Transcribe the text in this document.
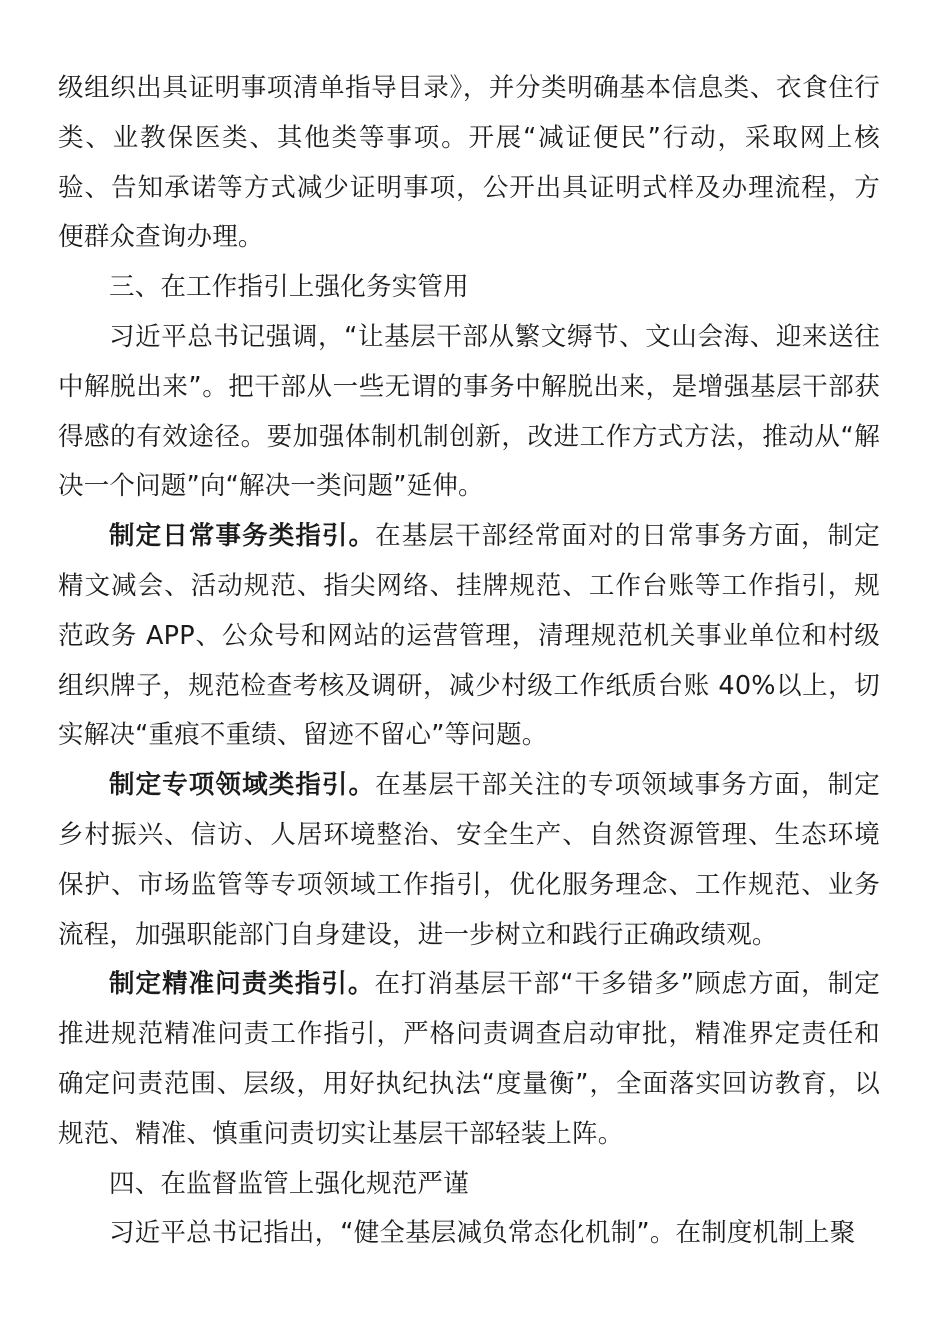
级组织出具证明事项清单指导目录》，并分类明确基本信息类、衣食住行类、业教保医类、其他类等事项。开展“减证便民”行动，采取网上核验、告知承诺等方式减少证明事项，公开出具证明式样及办理流程，方便群众查询办理。

三、在工作指引上强化务实管用

习近平总书记强调，“让基层干部从繁文缛节、文山会海、迎来送往中解脱出来”。把干部从一些无谓的事务中解脱出来，是增强基层干部获得感的有效途径。要加强体制机制创新，改进工作方式方法，推动从“解决一个问题”向“解决一类问题”延伸。

制定日常事务类指引。在基层干部经常面对的日常事务方面，制定精文减会、活动规范、指尖网络、挂牌规范、工作台账等工作指引，规范政务 APP、公众号和网站的运营管理，清理规范机关事业单位和村级组织牌子，规范检查考核及调研，减少村级工作纸质台账 40%以上，切实解决“重痕不重绩、留迹不留心”等问题。

制定专项领域类指引。在基层干部关注的专项领域事务方面，制定乡村振兴、信访、人居环境整治、安全生产、自然资源管理、生态环境保护、市场监管等专项领域工作指引，优化服务理念、工作规范、业务流程，加强职能部门自身建设，进一步树立和践行正确政绩观。

制定精准问责类指引。在打消基层干部“干多错多”顾虑方面，制定推进规范精准问责工作指引，严格问责调查启动审批，精准界定责任和确定问责范围、层级，用好执纪执法“度量衡”，全面落实回访教育，以规范、精准、慎重问责切实让基层干部轻装上阵。

四、在监督监管上强化规范严谨

习近平总书记指出，“健全基层减负常态化机制”。在制度机制上聚
